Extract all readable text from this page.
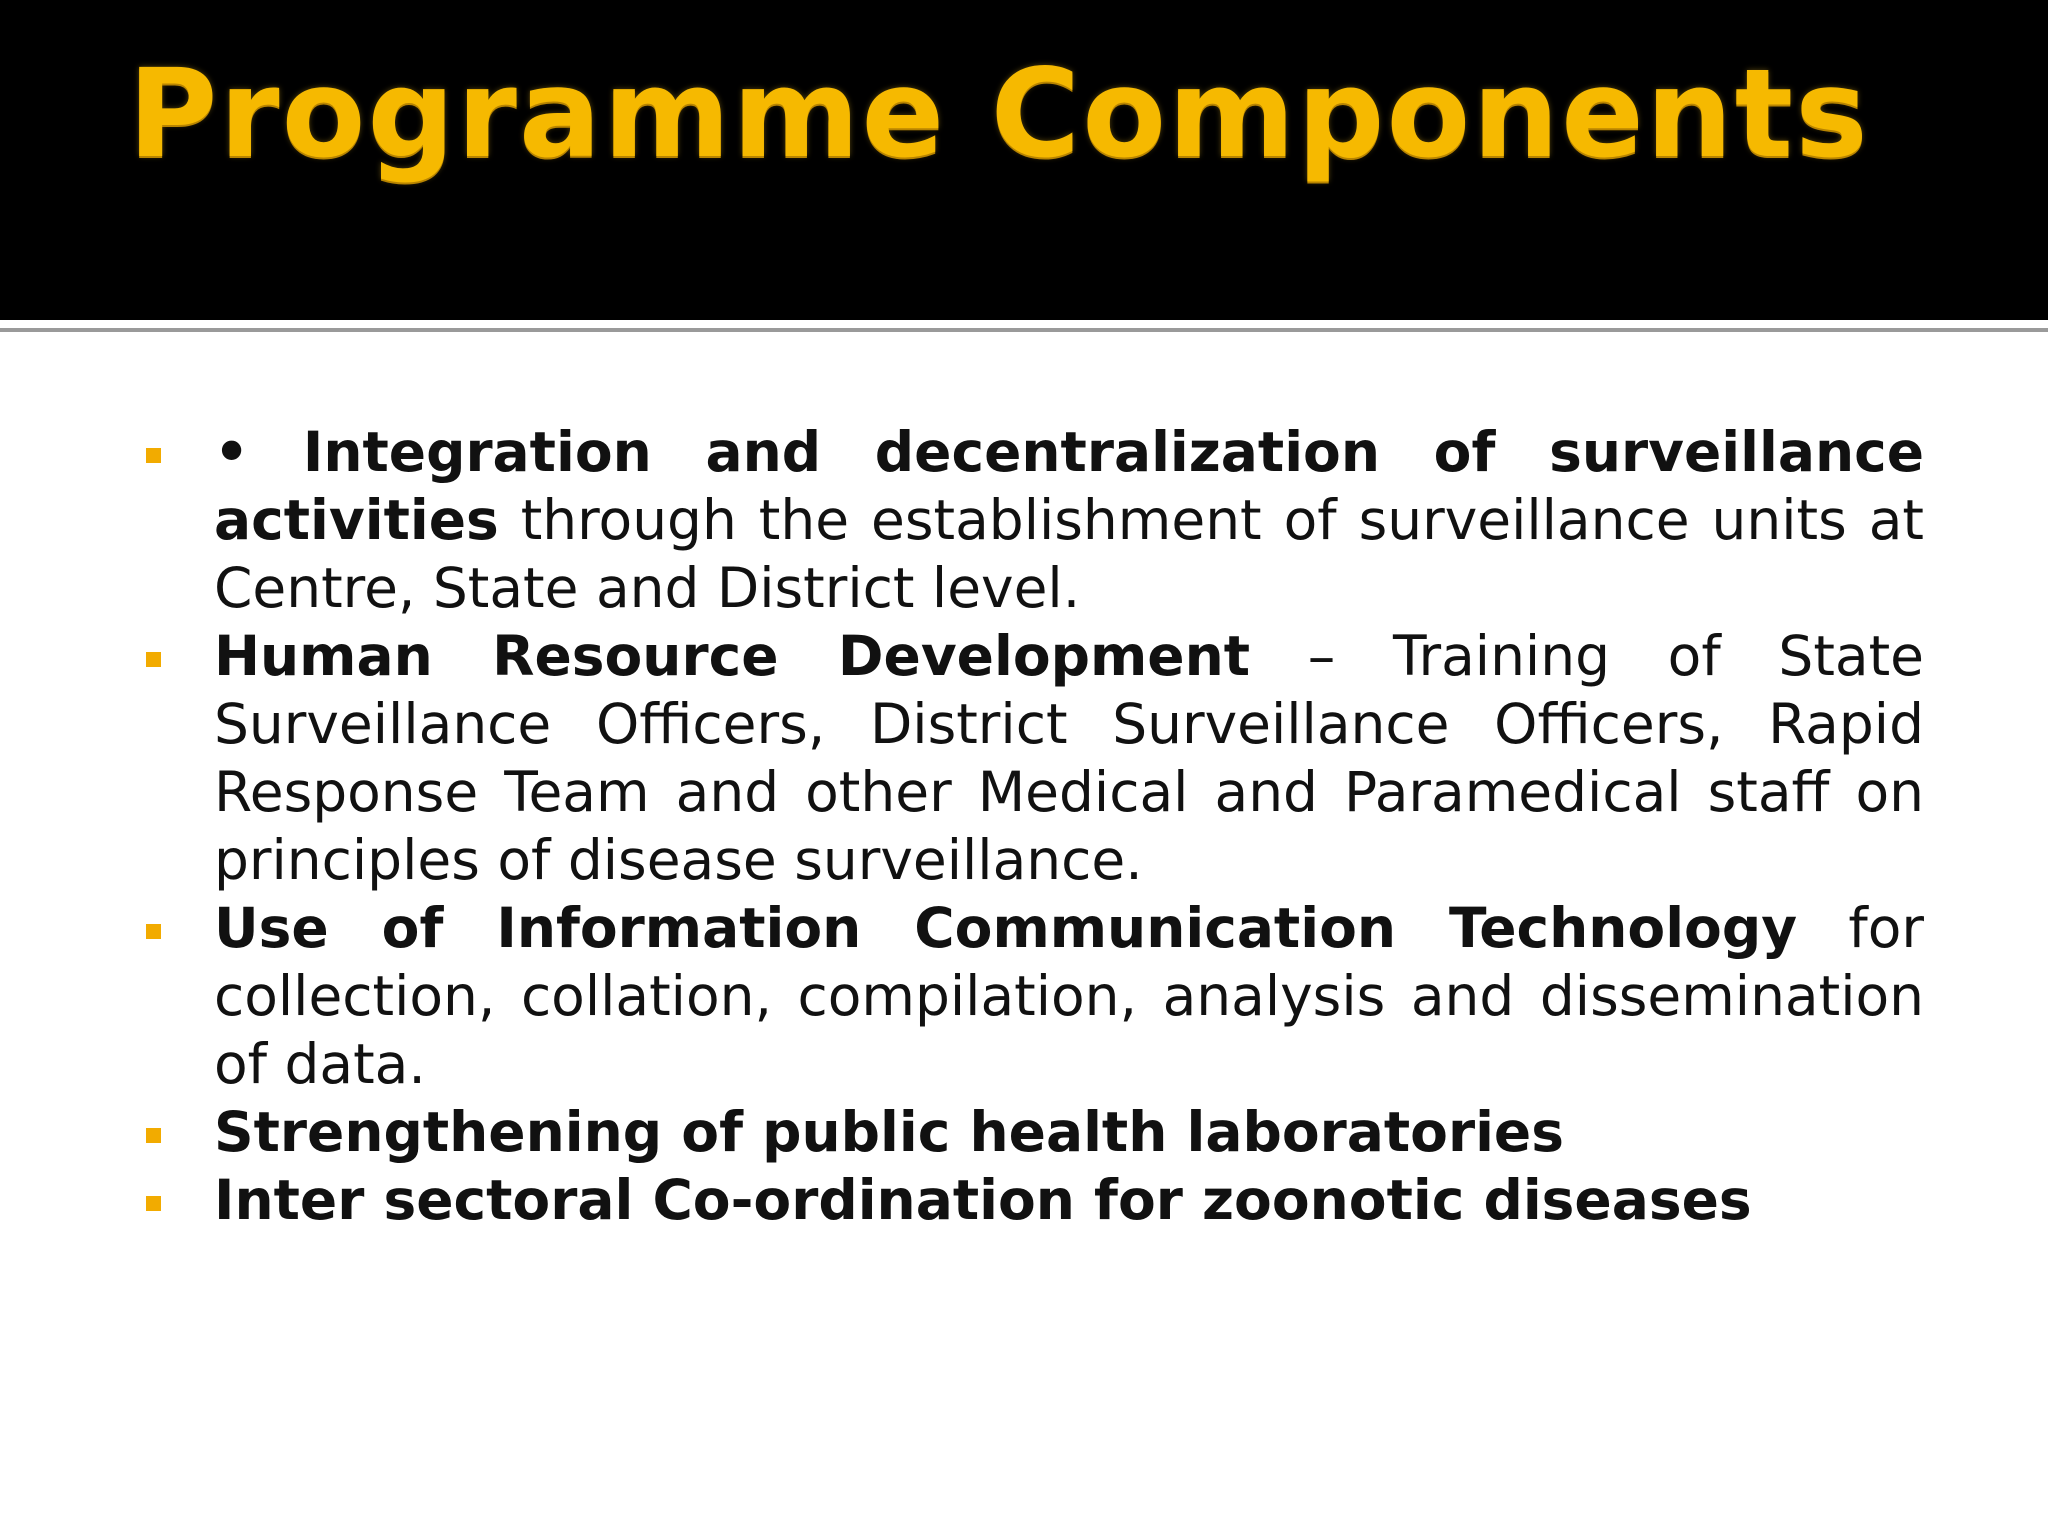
Programme Components
• Integration and decentralization of surveillance activities through the establishment of surveillance units at Centre, State and District level.
Human Resource Development – Training of State Surveillance Officers, District Surveillance Officers, Rapid Response Team and other Medical and Paramedical staff on principles of disease surveillance.
Use of Information Communication Technology for collection, collation, compilation, analysis and dissemination of data.
Strengthening of public health laboratories
Inter sectoral Co-ordination for zoonotic diseases
